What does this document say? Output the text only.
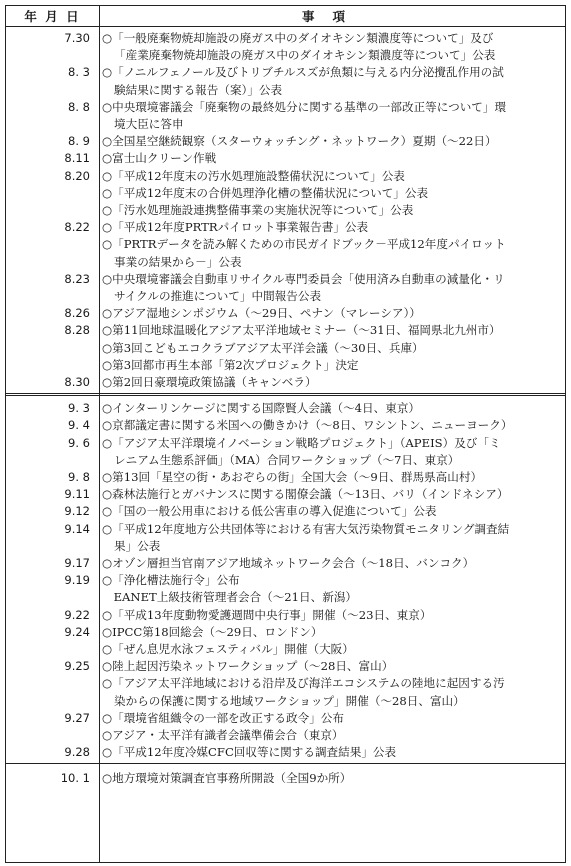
年 月 日	事項
7.30	○「一般廃棄物焼却施設の廃ガス中のダイオキシン類濃度等について」及び
「産業廃棄物焼却施設の廃ガス中のダイオキシン類濃度等について」公表
8. 3	○「ノニルフェノール及びトリブチルスズが魚類に与える内分泌攪乱作用の試
験結果に関する報告（案）」公表
8. 8	○中央環境審議会「廃棄物の最終処分に関する基準の一部改正等について」環
境大臣に答申
8. 9	○全国星空継続観察（スターウォッチング・ネットワーク）夏期（〜22日）
8.11	○富士山クリーン作戦
8.20	○「平成12年度末の汚水処理施設整備状況について」公表
○「平成12年度末の合併処理浄化槽の整備状況について」公表
○「汚水処理施設連携整備事業の実施状況等について」公表
8.22	○「平成12年度PRTRパイロット事業報告書」公表
○「PRTRデータを読み解くための市民ガイドブック－平成12年度パイロット
事業の結果から－」公表
8.23	○中央環境審議会自動車リサイクル専門委員会「使用済み自動車の減量化・リ
サイクルの推進について」中間報告公表
8.26	○アジア湿地シンポジウム（〜29日、ペナン（マレーシア））
8.28	○第11回地球温暖化アジア太平洋地域セミナー（〜31日、福岡県北九州市）
○第3回こどもエコクラブアジア太平洋会議（〜30日、兵庫）
○第3回都市再生本部「第2次プロジェクト」決定
8.30	○第2回日豪環境政策協議（キャンベラ）
9. 3	○インターリンケージに関する国際賢人会議（〜4日、東京）
9. 4	○京都議定書に関する米国への働きかけ（〜8日、ワシントン、ニューヨーク）
9. 6	○「アジア太平洋環境イノベーション戦略プロジェクト」（APEIS）及び「ミ
レニアム生態系評価」（MA）合同ワークショップ（〜7日、東京）
9. 8	○第13回「星空の街・あおぞらの街」全国大会（〜9日、群馬県高山村）
9.11	○森林法施行とガバナンスに関する閣僚会議（〜13日、バリ（インドネシア）
9.12	○「国の一般公用車における低公害車の導入促進について」公表
9.14	○「平成12年度地方公共団体等における有害大気汚染物質モニタリング調査結
果」公表
9.17	○オゾン層担当官南アジア地域ネットワーク会合（〜18日、バンコク）
9.19	○「浄化槽法施行令」公布
　EANET上級技術管理者会合（〜21日、新潟）
9.22	○「平成13年度動物愛護週間中央行事」開催（〜23日、東京）
9.24	○IPCC第18回総会（〜29日、ロンドン）
○「ぜん息児水泳フェスティバル」開催（大阪）
9.25	○陸上起因汚染ネットワークショップ（〜28日、富山）
○「アジア太平洋地域における沿岸及び海洋エコシステムの陸地に起因する汚
染からの保護に関する地域ワークショップ」開催（〜28日、富山）
9.27	○「環境省組織令の一部を改正する政令」公布
○アジア・太平洋有識者会議準備会合（東京）
9.28	○「平成12年度冷媒CFC回収等に関する調査結果」公表
10. 1	○地方環境対策調査官事務所開設（全国9か所）
